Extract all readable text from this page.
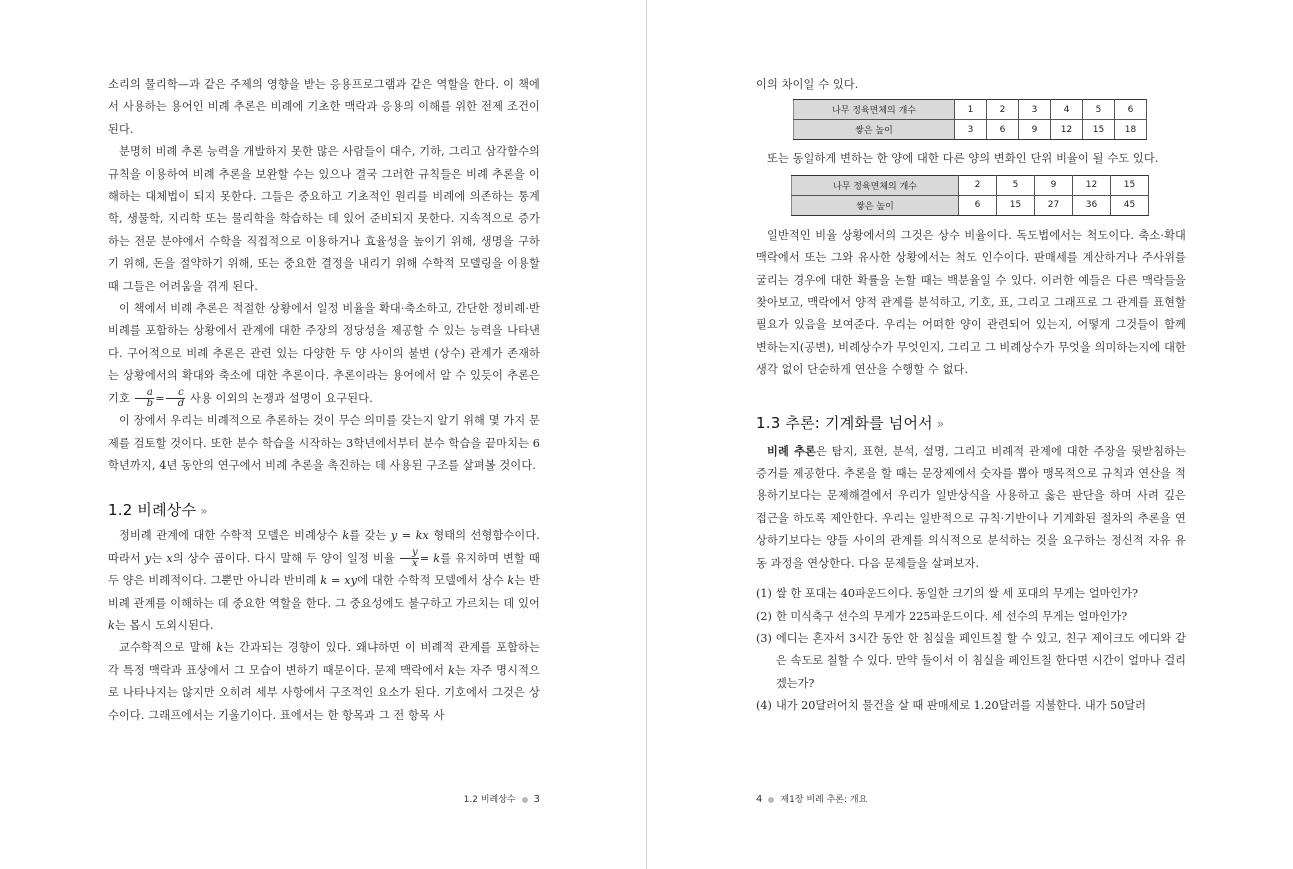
소리의 물리학—과 같은 주제의 영향을 받는 응용프로그램과 같은 역할을 한다. 이 책에서 사용하는 용어인 비례 추론은 비례에 기초한 맥락과 응용의 이해를 위한 전제 조건이 된다.

분명히 비례 추론 능력을 개발하지 못한 많은 사람들이 대수, 기하, 그리고 삼각함수의 규칙을 이용하여 비례 추론을 보완할 수는 있으나 결국 그러한 규칙들은 비례 추론을 이해하는 대체법이 되지 못한다. 그들은 중요하고 기초적인 원리를 비례에 의존하는 통계학, 생물학, 지리학 또는 물리학을 학습하는 데 있어 준비되지 못한다. 지속적으로 증가하는 전문 분야에서 수학을 직접적으로 이용하거나 효율성을 높이기 위해, 생명을 구하기 위해, 돈을 절약하기 위해, 또는 중요한 결정을 내리기 위해 수학적 모델링을 이용할 때 그들은 어려움을 겪게 된다.

이 책에서 비례 추론은 적절한 상황에서 일정 비율을 확대·축소하고, 간단한 정비례·반비례를 포함하는 상황에서 관계에 대한 주장의 정당성을 제공할 수 있는 능력을 나타낸다. 구어적으로 비례 추론은 관련 있는 다양한 두 양 사이의 불변 (상수) 관계가 존재하는 상황에서의 확대와 축소에 대한 추론이다. 추론이라는 용어에서 알 수 있듯이 추론은 기호 $\frac{a}{b} = \frac{c}{d}$ 사용 이외의 논쟁과 설명이 요구된다.

이 장에서 우리는 비례적으로 추론하는 것이 무슨 의미를 갖는지 알기 위해 몇 가지 문제를 검토할 것이다. 또한 분수 학습을 시작하는 3학년에서부터 분수 학습을 끝마치는 6학년까지, 4년 동안의 연구에서 비례 추론을 촉진하는 데 사용된 구조를 살펴볼 것이다.

1.2 비례상수 »

정비례 관계에 대한 수학적 모델은 비례상수 k를 갖는 y = kx 형태의 선형함수이다. 따라서 y는 x의 상수 곱이다. 다시 말해 두 양이 일정 비율 $\frac{y}{x} = k$를 유지하며 변할 때 두 양은 비례적이다. 그뿐만 아니라 반비례 k = xy에 대한 수학적 모델에서 상수 k는 반비례 관계를 이해하는 데 중요한 역할을 한다. 그 중요성에도 불구하고 가르치는 데 있어 k는 몹시 도외시된다.

교수학적으로 말해 k는 간과되는 경향이 있다. 왜냐하면 이 비례적 관계를 포함하는 각 특정 맥락과 표상에서 그 모습이 변하기 때문이다. 문제 맥락에서 k는 자주 명시적으로 나타나지는 않지만 오히려 세부 사항에서 구조적인 요소가 된다. 기호에서 그것은 상수이다. 그래프에서는 기울기이다. 표에서는 한 항목과 그 전 항목 사

1.2 비례상수 3

이의 차이일 수 있다.

나무 정육면체의 개수	1	2	3	4	5	6
쌓은 높이	3	6	9	12	15	18

또는 동일하게 변하는 한 양에 대한 다른 양의 변화인 단위 비율이 될 수도 있다.

나무 정육면체의 개수	2	5	9	12	15
쌓은 높이	6	15	27	36	45

일반적인 비율 상황에서의 그것은 상수 비율이다. 독도법에서는 척도이다. 축소·확대 맥락에서 또는 그와 유사한 상황에서는 척도 인수이다. 판매세를 계산하거나 주사위를 굴리는 경우에 대한 확률을 논할 때는 백분율일 수 있다. 이러한 예들은 다른 맥락들을 찾아보고, 맥락에서 양적 관계를 분석하고, 기호, 표, 그리고 그래프로 그 관계를 표현할 필요가 있음을 보여준다. 우리는 어떠한 양이 관련되어 있는지, 어떻게 그것들이 함께 변하는지(공변), 비례상수가 무엇인지, 그리고 그 비례상수가 무엇을 의미하는지에 대한 생각 없이 단순하게 연산을 수행할 수 없다.

1.3 추론: 기계화를 넘어서 »

비례 추론은 탐지, 표현, 분석, 설명, 그리고 비례적 관계에 대한 주장을 뒷받침하는 증거를 제공한다. 추론을 할 때는 문장제에서 숫자를 뽑아 맹목적으로 규칙과 연산을 적용하기보다는 문제해결에서 우리가 일반상식을 사용하고 옳은 판단을 하며 사려 깊은 접근을 하도록 제안한다. 우리는 일반적으로 규칙·기반이나 기계화된 절차의 추론을 연상하기보다는 양들 사이의 관계를 의식적으로 분석하는 것을 요구하는 정신적 자유 유동 과정을 연상한다. 다음 문제들을 살펴보자.

(1) 쌀 한 포대는 40파운드이다. 동일한 크기의 쌀 세 포대의 무게는 얼마인가?
(2) 한 미식축구 선수의 무게가 225파운드이다. 세 선수의 무게는 얼마인가?
(3) 에디는 혼자서 3시간 동안 한 침실을 페인트칠 할 수 있고, 친구 제이크도 에디와 같은 속도로 칠할 수 있다. 만약 둘이서 이 침실을 페인트칠 한다면 시간이 얼마나 걸리겠는가?
(4) 내가 20달러어치 물건을 살 때 판매세로 1.20달러를 지불한다. 내가 50달러
4 제1장 비례 추론: 개요
